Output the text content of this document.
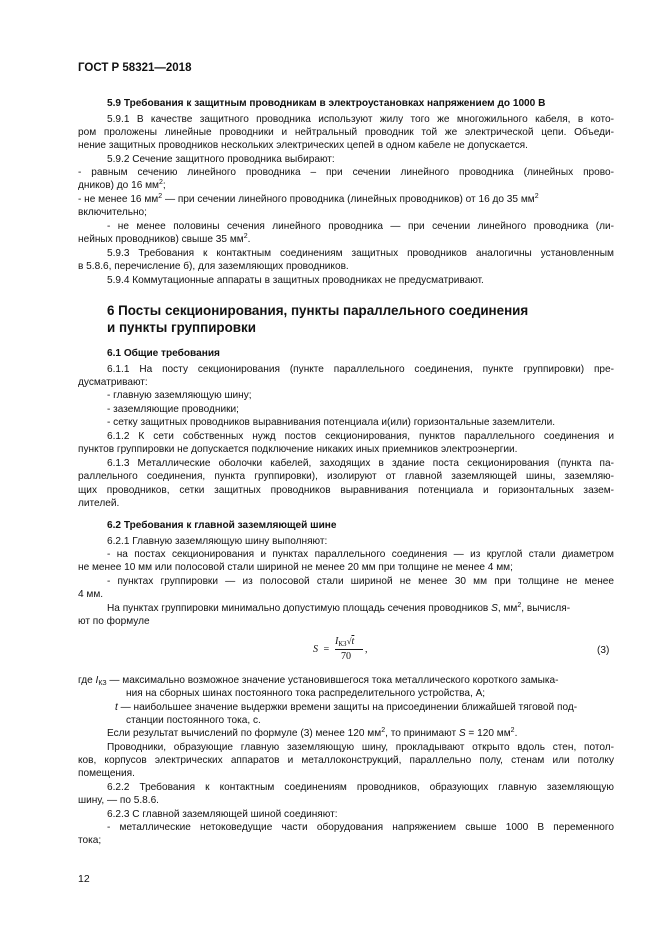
ГОСТ Р 58321—2018
5.9 Требования к защитным проводникам в электроустановках напряжением до 1000 В
5.9.1 В качестве защитного проводника используют жилу того же многожильного кабеля, в кото-
ром проложены линейные проводники и нейтральный проводник той же электрической цепи. Объеди-
нение защитных проводников нескольких электрических цепей в одном кабеле не допускается.
5.9.2 Сечение защитного проводника выбирают:
- равным сечению линейного проводника – при сечении линейного проводника (линейных прово-
дников) до 16 $мм^2$;
- не менее 16 $мм^2$ — при сечении линейного проводника (линейных проводников) от 16 до 35 $мм^2$
включительно;
- не менее половины сечения линейного проводника — при сечении линейного проводника (ли-
нейных проводников) свыше 35 $мм^2$.
5.9.3 Требования к контактным соединениям защитных проводников аналогичны установленным
в 5.8.6, перечисление б), для заземляющих проводников.
5.9.4 Коммутационные аппараты в защитных проводниках не предусматривают.
6 Посты секционирования, пункты параллельного соединения
и пункты группировки
6.1 Общие требования
6.1.1 На посту секционирования (пункте параллельного соединения, пункте группировки) пре-
дусматривают:
- главную заземляющую шину;
- заземляющие проводники;
- сетку защитных проводников выравнивания потенциала и(или) горизонтальные заземлители.
6.1.2 К сети собственных нужд постов секционирования, пунктов параллельного соединения и
пунктов группировки не допускается подключение никаких иных приемников электроэнергии.
6.1.3 Металлические оболочки кабелей, заходящих в здание поста секционирования (пункта па-
раллельного соединения, пункта группировки), изолируют от главной заземляющей шины, заземляю-
щих проводников, сетки защитных проводников выравнивания потенциала и горизонтальных зазем-
лителей.
6.2 Требования к главной заземляющей шине
6.2.1 Главную заземляющую шину выполняют:
- на постах секционирования и пунктах параллельного соединения — из круглой стали диаметром
не менее 10 мм или полосовой стали шириной не менее 20 мм при толщине не менее 4 мм;
- пунктах группировки — из полосовой стали шириной не менее 30 мм при толщине не менее
4 мм.
На пунктах группировки минимально допустимую площадь сечения проводников S, $мм^2$, вычисля-
ют по формуле
S =
$I_{КЗ}√t$
70
,	(3)
где $I_{КЗ}$ — максимально возможное значение установившегося тока металлического короткого замыка-
ния на сборных шинах постоянного тока распределительного устройства, А;
t — наибольшее значение выдержки времени защиты на присоединении ближайшей тяговой под-
станции постоянного тока, с.
Если результат вычислений по формуле (3) менее 120 $мм^2$, то принимают S = 120 $мм^2$.
Проводники, образующие главную заземляющую шину, прокладывают открыто вдоль стен, потол-
ков, корпусов электрических аппаратов и металлоконструкций, параллельно полу, стенам или потолку
помещения.
6.2.2 Требования к контактным соединениям проводников, образующих главную заземляющую
шину, — по 5.8.6.
6.2.3 С главной заземляющей шиной соединяют:
- металлические нетоковедущие части оборудования напряжением свыше 1000 В переменного
тока;
12
